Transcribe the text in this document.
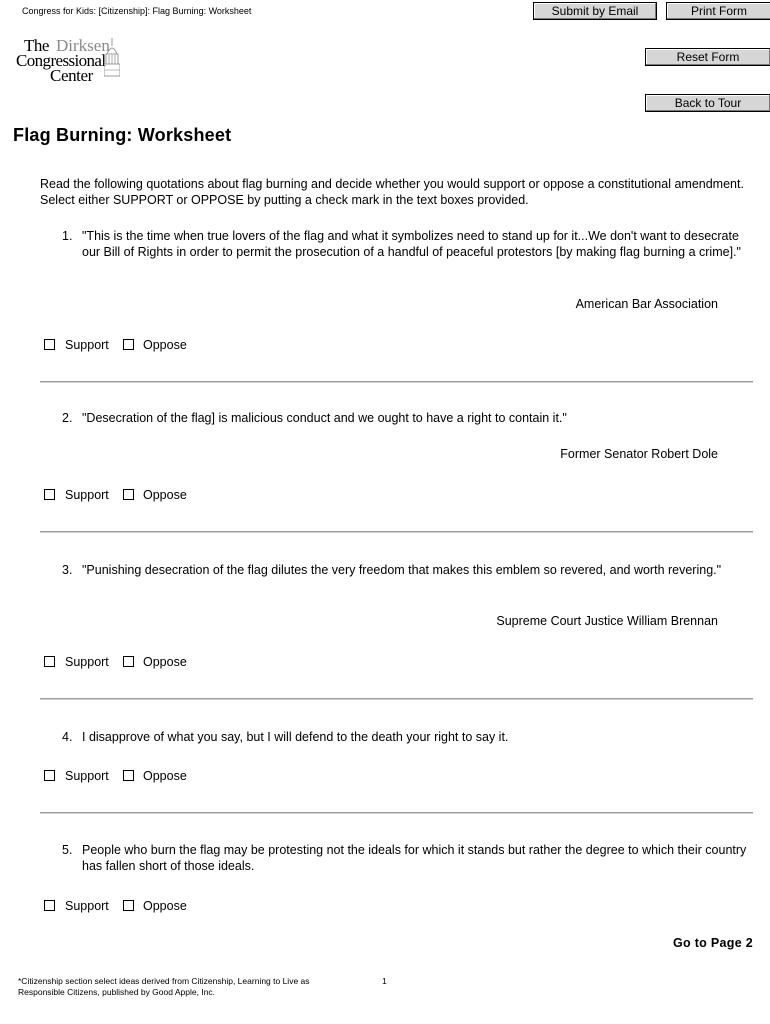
Congress for Kids: [Citizenship]: Flag Burning: Worksheet	Submit by Email	Print Form
Reset Form
Back to Tour
The Dirksen
Congressional
Center
Flag Burning: Worksheet
Read the following quotations about flag burning and decide whether you would support or oppose a constitutional amendment. Select either SUPPORT or OPPOSE by putting a check mark in the text boxes provided.
1. "This is the time when true lovers of the flag and what it symbolizes need to stand up for it...We don't want to desecrate our Bill of Rights in order to permit the prosecution of a handful of peaceful protestors [by making flag burning a crime]."
American Bar Association
Support	Oppose
2. "Desecration of the flag] is malicious conduct and we ought to have a right to contain it."
Former Senator Robert Dole
Support	Oppose
3. "Punishing desecration of the flag dilutes the very freedom that makes this emblem so revered, and worth revering."
Supreme Court Justice William Brennan
Support	Oppose
4. I disapprove of what you say, but I will defend to the death your right to say it.
Support	Oppose
5. People who burn the flag may be protesting not the ideals for which it stands but rather the degree to which their country has fallen short of those ideals.
Support	Oppose
Go to Page 2
*Citizenship section select ideas derived from Citizenship, Learning to Live as Responsible Citizens, published by Good Apple, Inc.
1
